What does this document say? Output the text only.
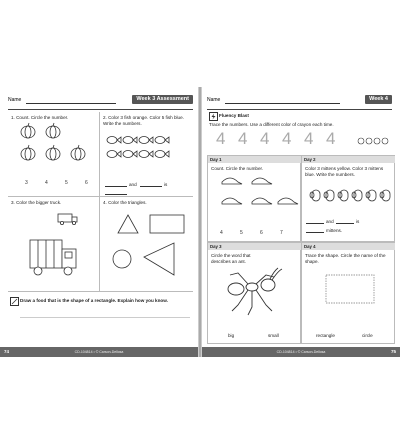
Name	Week 3 Assessment
1. Count. Circle the number.
3	4	5	6
2. Color 3 fish orange. Color 5 fish blue. Write the numbers.
and	is
3. Color the bigger truck.	4. Color the triangles.
Draw a food that is the shape of a rectangle. Explain how you know.
74	CD-104814 • © Carson-Dellosa
Name	Week 4
Fluency Blast
Trace the numbers. Use a different color of crayon each time.
4 4 4 4 4 4
Day 1
Count. Circle the number.
4	5	6	7
Day 2
Color 3 mittens yellow. Color 3 mittens blue. Write the numbers.
and	is
mittens.
Day 3
Circle the word that describes an ant.
big	small
Day 4
Trace the shape. Circle the name of the shape.
rectangle	circle
CD-104814 • © Carson-Dellosa	75
